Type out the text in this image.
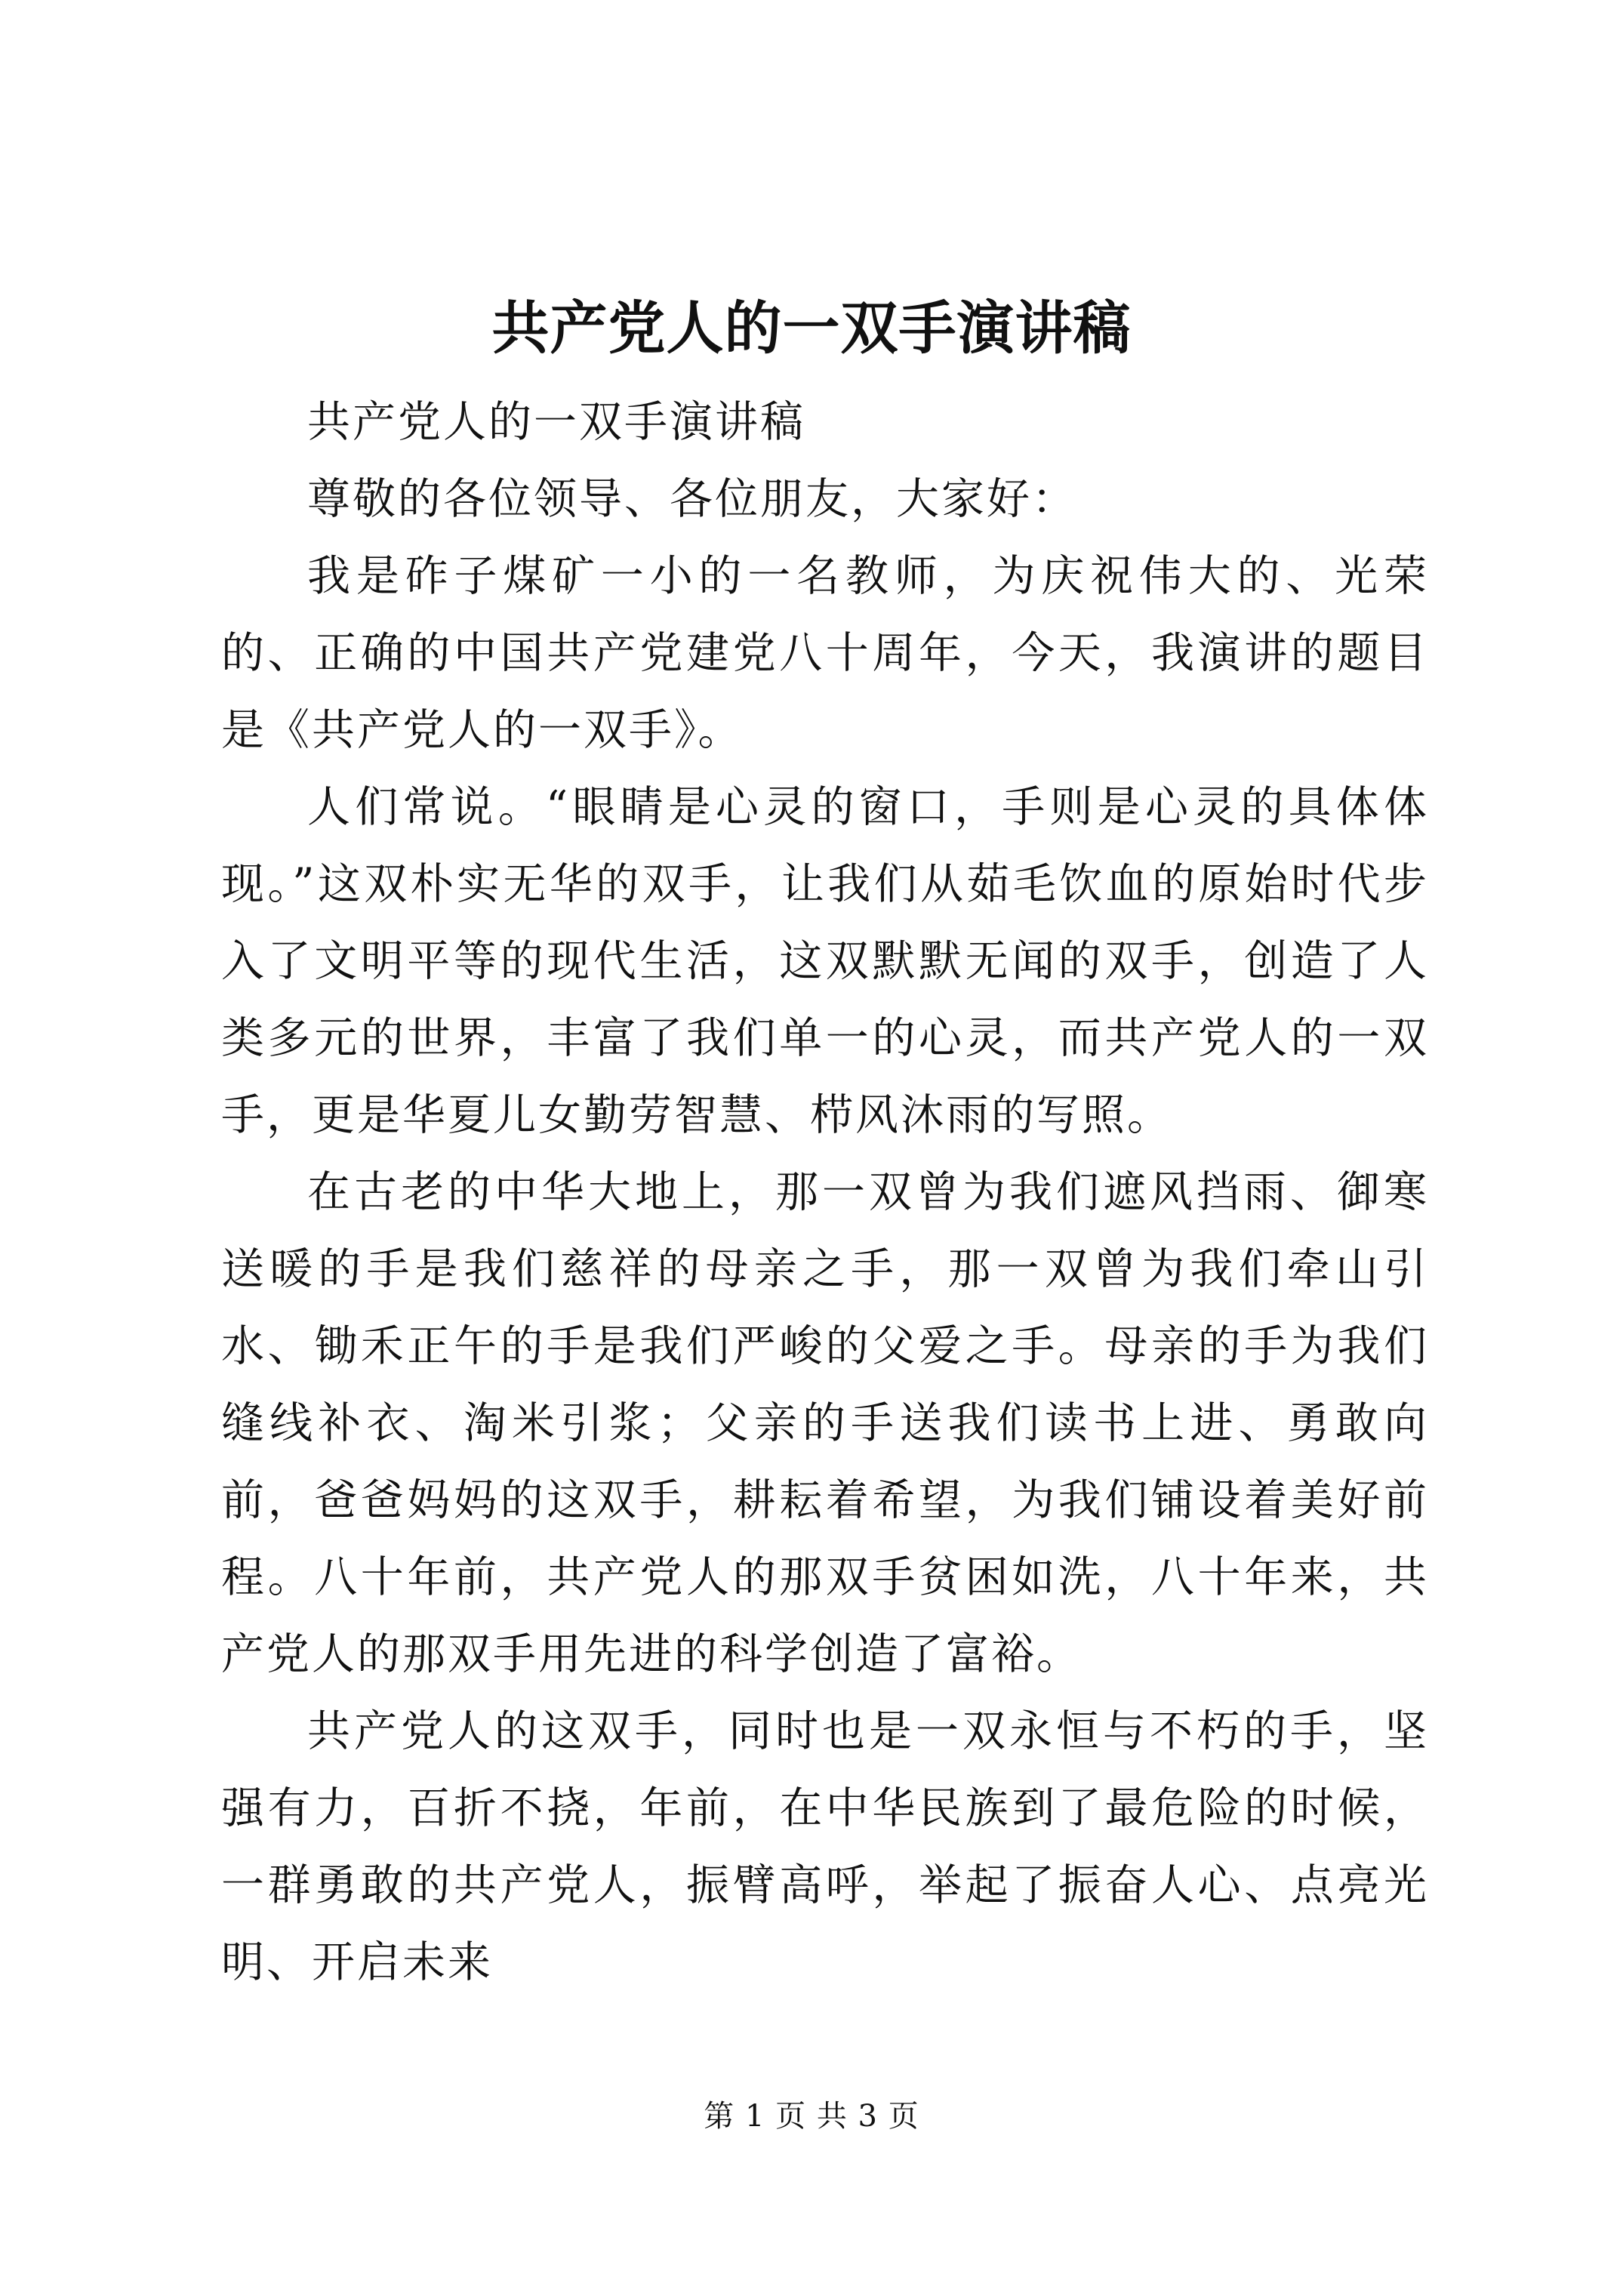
共产党人的一双手演讲稿

共产党人的一双手演讲稿

尊敬的各位领导、各位朋友，大家好：

我是砟子煤矿一小的一名教师，为庆祝伟大的、光荣的、正确的中国共产党建党八十周年，今天，我演讲的题目是《共产党人的一双手》。

人们常说。“眼睛是心灵的窗口，手则是心灵的具体体现。”这双朴实无华的双手，让我们从茹毛饮血的原始时代步入了文明平等的现代生活，这双默默无闻的双手，创造了人类多元的世界，丰富了我们单一的心灵，而共产党人的一双手，更是华夏儿女勤劳智慧、栉风沐雨的写照。

在古老的中华大地上，那一双曾为我们遮风挡雨、御寒送暖的手是我们慈祥的母亲之手，那一双曾为我们牵山引水、锄禾正午的手是我们严峻的父爱之手。母亲的手为我们缝线补衣、淘米引浆；父亲的手送我们读书上进、勇敢向前，爸爸妈妈的这双手，耕耘着希望，为我们铺设着美好前程。八十年前，共产党人的那双手贫困如洗，八十年来，共产党人的那双手用先进的科学创造了富裕。

共产党人的这双手，同时也是一双永恒与不朽的手，坚强有力，百折不挠，年前，在中华民族到了最危险的时候，一群勇敢的共产党人，振臂高呼，举起了振奋人心、点亮光明、开启未来

第 1 页 共 3 页
